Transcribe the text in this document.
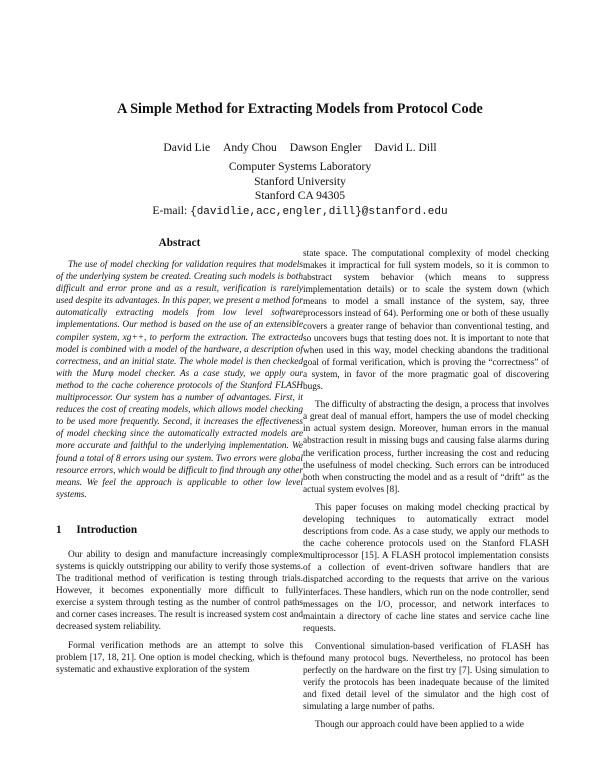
A Simple Method for Extracting Models from Protocol Code
David Lie Andy Chou Dawson Engler David L. Dill
Computer Systems Laboratory
Stanford University
Stanford CA 94305
E-mail: {davidlie,acc,engler,dill}@stanford.edu
Abstract

The use of model checking for validation requires that models of the underlying system be created. Creating such models is both difficult and error prone and as a result, verification is rarely used despite its advantages. In this paper, we present a method for automatically extracting models from low level software implementations. Our method is based on the use of an extensible compiler system, xg++, to perform the extraction. The extracted model is combined with a model of the hardware, a description of correctness, and an initial state. The whole model is then checked with the Murφ model checker. As a case study, we apply our method to the cache coherence protocols of the Stanford FLASH multiprocessor. Our system has a number of advantages. First, it reduces the cost of creating models, which allows model checking to be used more frequently. Second, it increases the effectiveness of model checking since the automatically extracted models are more accurate and faithful to the underlying implementation. We found a total of 8 errors using our system. Two errors were global resource errors, which would be difficult to find through any other means. We feel the approach is applicable to other low level systems.

1 Introduction

Our ability to design and manufacture increasingly complex systems is quickly outstripping our ability to verify those systems. The traditional method of verification is testing through trials. However, it becomes exponentially more difficult to fully exercise a system through testing as the number of control paths and corner cases increases. The result is increased system cost and decreased system reliability.

Formal verification methods are an attempt to solve this problem [17, 18, 21]. One option is model checking, which is the systematic and exhaustive exploration of the system

state space. The computational complexity of model checking makes it impractical for full system models, so it is common to abstract system behavior (which means to suppress implementation details) or to scale the system down (which means to model a small instance of the system, say, three processors instead of 64). Performing one or both of these usually covers a greater range of behavior than conventional testing, and so uncovers bugs that testing does not. It is important to note that when used in this way, model checking abandons the traditional goal of formal verification, which is proving the “correctness” of a system, in favor of the more pragmatic goal of discovering bugs.

The difficulty of abstracting the design, a process that involves a great deal of manual effort, hampers the use of model checking in actual system design. Moreover, human errors in the manual abstraction result in missing bugs and causing false alarms during the verification process, further increasing the cost and reducing the usefulness of model checking. Such errors can be introduced both when constructing the model and as a result of “drift” as the actual system evolves [8].

This paper focuses on making model checking practical by developing techniques to automatically extract model descriptions from code. As a case study, we apply our methods to the cache coherence protocols used on the Stanford FLASH multiprocessor [15]. A FLASH protocol implementation consists of a collection of event-driven software handlers that are dispatched according to the requests that arrive on the various interfaces. These handlers, which run on the node controller, send messages on the I/O, processor, and network interfaces to maintain a directory of cache line states and service cache line requests.

Conventional simulation-based verification of FLASH has found many protocol bugs. Nevertheless, no protocol has been perfectly on the hardware on the first try [7]. Using simulation to verify the protocols has been inadequate because of the limited and fixed detail level of the simulator and the high cost of simulating a large number of paths.

Though our approach could have been applied to a wide
